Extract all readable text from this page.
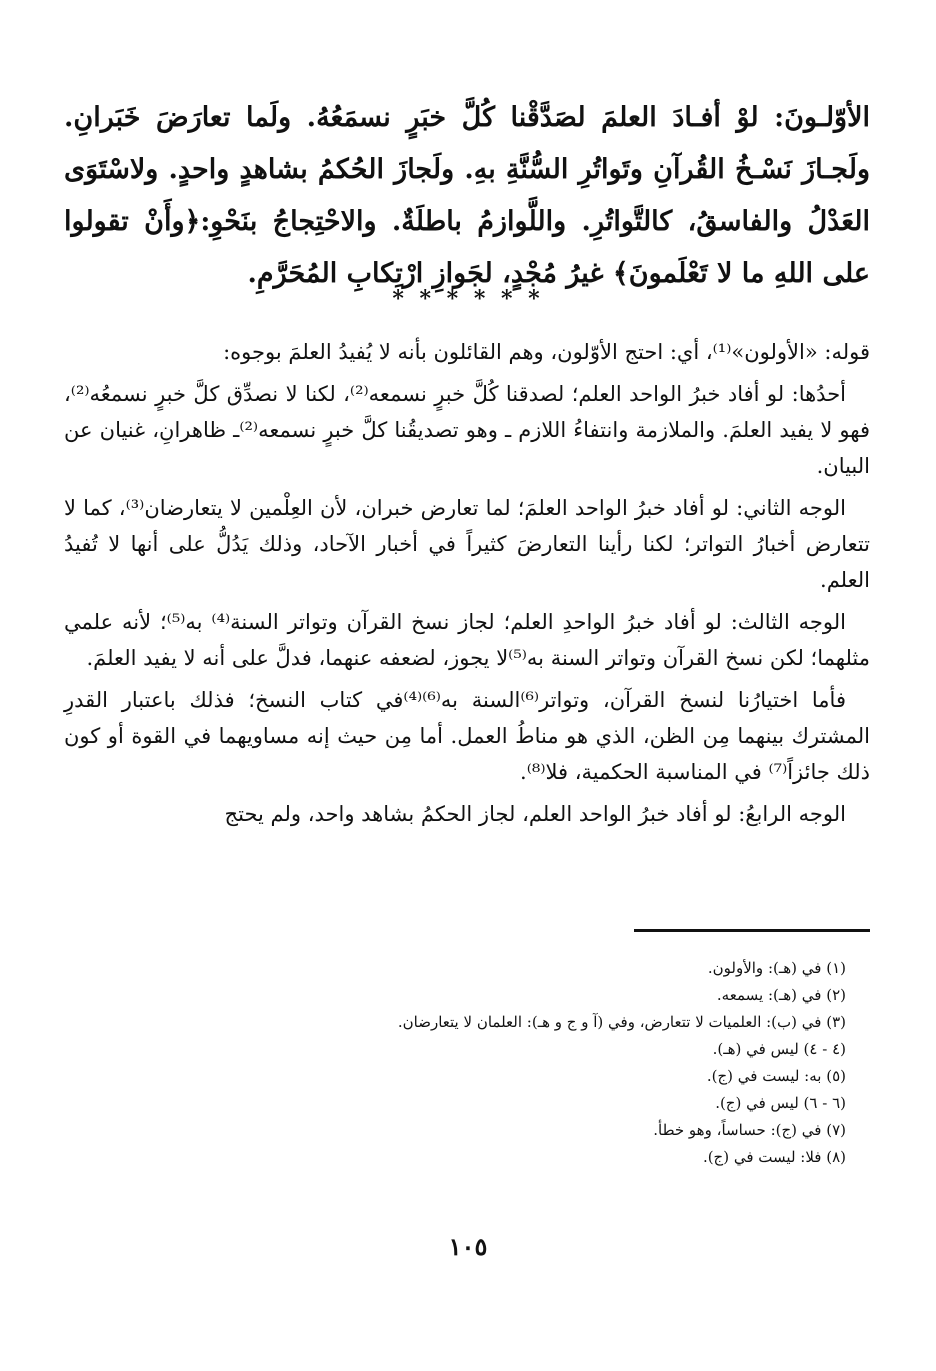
الأوّلـونَ: لوْ أفـادَ العلمَ لصَدَّقْنا كُلَّ خبَرٍ نسمَعُهُ. ولَما تعارَضَ خَبَرانِ. ولَجـازَ نَسْـخُ القُرآنِ وتَواتُرِ السُّنَّةِ بهِ. ولَجازَ الحُكمُ بشاهدٍ واحدٍ. ولاسْتَوَى العَدْلُ والفاسقُ، كالتَّواتُرِ. واللَّوازمُ باطلَةٌ. والاحْتِجاجُ بنَحْوِ:﴿وأَنْ تقولوا على اللهِ ما لا تَعْلَمونَ﴾ غيرُ مُجْدٍ، لجَوازِ ارْتِكابِ المُحَرَّمِ.

* * * * * *

قوله: «الأولون»⁽¹⁾، أي: احتج الأوّلون، وهم القائلون بأنه لا يُفيدُ العلمَ بوجوه:

أحدُها: لو أفاد خبرُ الواحد العلم؛ لصدقنا كُلَّ خبرٍ نسمعه⁽²⁾، لكنا لا نصدِّق كلَّ خبرٍ نسمعُه⁽²⁾، فهو لا يفيد العلمَ. والملازمة وانتفاءُ اللازم ـ وهو تصديقُنا كلَّ خبرٍ نسمعه⁽²⁾ـ ظاهرانِ، غنيان عن البيان.

الوجه الثاني: لو أفاد خبرُ الواحد العلمَ؛ لما تعارض خبران، لأن العِلْمين لا يتعارضان⁽³⁾، كما لا تتعارض أخبارُ التواتر؛ لكنا رأينا التعارضَ كثيراً في أخبار الآحاد، وذلك يَدُلُّ على أنها لا تُفيدُ العلم.

الوجه الثالث: لو أفاد خبرُ الواحدِ العلم؛ لجاز نسخ القرآن وتواتر السنة⁽⁴⁾ به⁽⁵⁾؛ لأنه علمي مثلهما؛ لكن نسخ القرآن وتواتر السنة به⁽⁵⁾لا يجوز، لضعفه عنهما، فدلَّ على أنه لا يفيد العلمَ.

فأما اختيارُنا لنسخ القرآن، وتواتر⁽⁶⁾السنة به⁽⁶⁾⁽⁴⁾في كتاب النسخ؛ فذلك باعتبار القدرِ المشترك بينهما مِن الظن، الذي هو مناطُ العمل. أما مِن حيث إنه مساويهما في القوة أو كون ذلك جائزاً⁽⁷⁾ في المناسبة الحكمية، فلا⁽⁸⁾.

الوجه الرابعُ: لو أفاد خبرُ الواحد العلم، لجاز الحكمُ بشاهد واحد، ولم يحتج

(١) في (هـ): والأولون.
(٢) في (هـ): يسمعه.
(٣) في (ب): العلميات لا تتعارض، وفي (آ و ج و هـ): العلمان لا يتعارضان.
(٤ - ٤) ليس في (هـ).
(٥) به: ليست في (ج).
(٦ - ٦) ليس في (ج).
(٧) في (ج): حساساً، وهو خطأ.
(٨) فلا: ليست في (ج).
١٠٥
